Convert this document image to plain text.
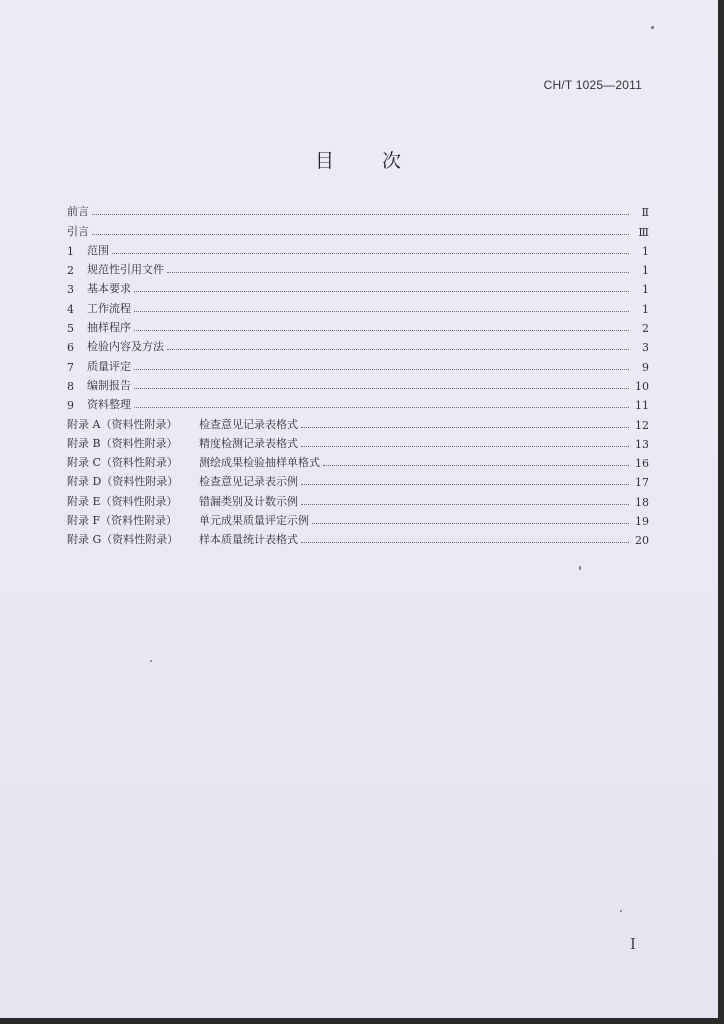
CH/T 1025—2011
目 次
前言	Ⅱ
引言	Ⅲ
1	范围	1
2	规范性引用文件	1
3	基本要求	1
4	工作流程	1
5	抽样程序	2
6	检验内容及方法	3
7	质量评定	9
8	编制报告	10
9	资料整理	11
附录 A（资料性附录） 检查意见记录表格式	12
附录 B（资料性附录） 精度检测记录表格式	13
附录 C（资料性附录） 测绘成果检验抽样单格式	16
附录 D（资料性附录） 检查意见记录表示例	17
附录 E（资料性附录） 错漏类别及计数示例	18
附录 F（资料性附录） 单元成果质量评定示例	19
附录 G（资料性附录） 样本质量统计表格式	20
Ⅰ
